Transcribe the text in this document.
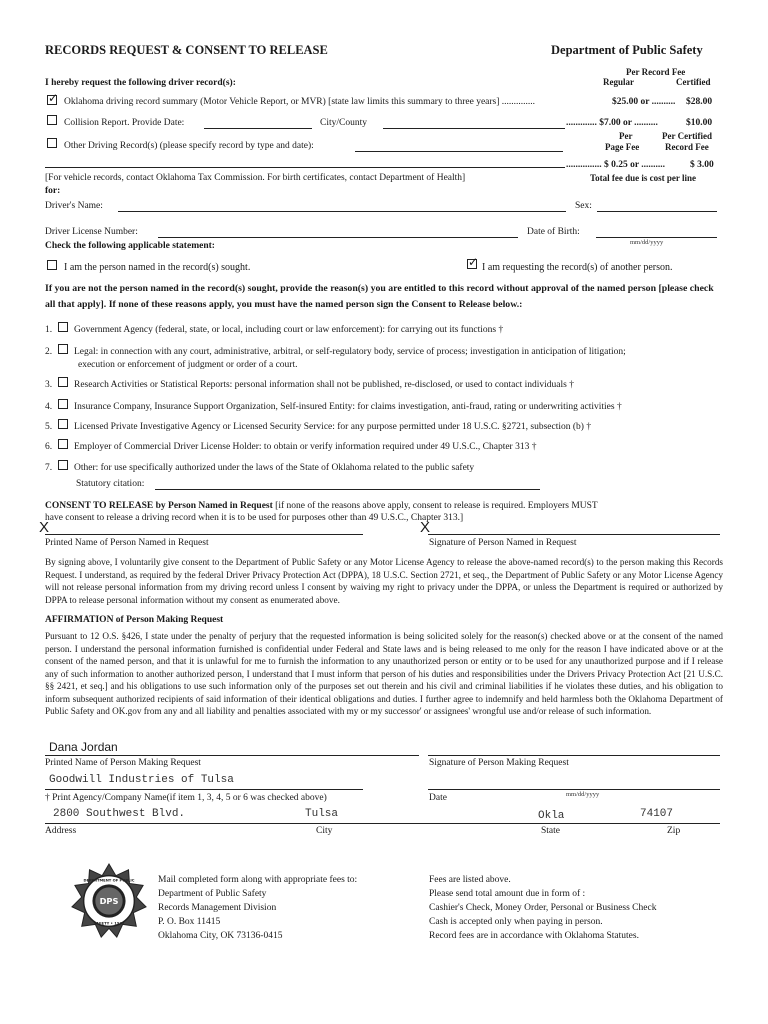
RECORDS REQUEST & CONSENT TO RELEASE	Department of Public Safety
Per Record Fee
I hereby request the following driver record(s):	Regular	Certified
✓
Oklahoma driving record summary (Motor Vehicle Report, or MVR) [state law limits this summary to three years] ..............	$25.00 or .......... $28.00
Collision Report. Provide Date:	City/County	............. $7.00 or ..........	$10.00
Per	Per Certified
Page Fee	Record Fee
Other Driving Record(s) (please specify record by type and date):
............... $ 0.25 or ..........	$ 3.00
[For vehicle records, contact Oklahoma Tax Commission. For birth certificates, contact Department of Health]	Total fee due is cost per line
for:
Driver's Name:	Sex:
Driver License Number:	Date of Birth:
mm/dd/yyyy
Check the following applicable statement:
I am the person named in the record(s) sought.
✓	I am requesting the record(s) of another person.
If you are not the person named in the record(s) sought, provide the reason(s) you are entitled to this record without approval of the named person [please check all that apply]. If none of these reasons apply, you must have the named person sign the Consent to Release below.:
1. Government Agency (federal, state, or local, including court or law enforcement): for carrying out its functions †
2. Legal: in connection with any court, administrative, arbitral, or self-regulatory body, service of process; investigation in anticipation of litigation;
execution or enforcement of judgment or order of a court.
3. Research Activities or Statistical Reports: personal information shall not be published, re-disclosed, or used to contact individuals †
4. Insurance Company, Insurance Support Organization, Self-insured Entity: for claims investigation, anti-fraud, rating or underwriting activities †
5. Licensed Private Investigative Agency or Licensed Security Service: for any purpose permitted under 18 U.S.C. §2721, subsection (b) †
6. Employer of Commercial Driver License Holder: to obtain or verify information required under 49 U.S.C., Chapter 313 †
7. Other: for use specifically authorized under the laws of the State of Oklahoma related to the public safety
Statutory citation:
CONSENT TO RELEASE by Person Named in Request [if none of the reasons above apply, consent to release is required. Employers MUST
have consent to release a driving record when it is to be used for purposes other than 49 U.S.C., Chapter 313.]
X	X
Printed Name of Person Named in Request	Signature of Person Named in Request
By signing above, I voluntarily give consent to the Department of Public Safety or any Motor License Agency to release the above-named record(s) to the person making this Records Request. I understand, as required by the federal Driver Privacy Protection Act (DPPA), 18 U.S.C. Section 2721, et seq., the Department of Public Safety or any Motor License Agency will not release personal information from my driving record unless I consent by waiving my right to privacy under the DPPA, or unless the Department is required or authorized by DPPA to release personal information without my consent as enumerated above.
AFFIRMATION of Person Making Request
Pursuant to 12 O.S. §426, I state under the penalty of perjury that the requested information is being solicited solely for the reason(s) checked above or at the consent of the named person. I understand the personal information furnished is confidential under Federal and State laws and is being released to me only for the reason I have indicated above or at the consent of the named person, and that it is unlawful for me to furnish the information to any unauthorized person or entity or to be used for any unauthorized purpose and if I release any of such information to another authorized person, I understand that I must inform that person of his duties and responsibilities under the Drivers Privacy Protection Act [21 U.S.C. §§ 2421, et seq.] and his obligations to use such information only of the purposes set out therein and his civil and criminal liabilities if he violates these duties, and his obligation to inform subsequent authorized recipients of said information of their identical obligations and duties. I further agree to indemnify and held harmless both the Oklahoma Department of Public Safety and OK.gov from any and all liability and penalties associated with my or my successor' or assignees' wrongful use and/or release of such information.
Dana Jordan
Printed Name of Person Making Request	Signature of Person Making Request
Goodwill Industries of Tulsa
† Print Agency/Company Name(if item 1, 3, 4, 5 or 6 was checked above)	Date	mm/dd/yyyy
2800 Southwest Blvd.	Tulsa	Okla	74107
Address	City	State	Zip
DPS
DEPARTMENT OF PUBLIC
SAFETY • 1937
Mail completed form along with appropriate fees to:
Department of Public Safety
Records Management Division
P. O. Box 11415
Oklahoma City, OK 73136-0415
Fees are listed above.
Please send total amount due in form of :
Cashier's Check, Money Order, Personal or Business Check
Cash is accepted only when paying in person.
Record fees are in accordance with Oklahoma Statutes.
